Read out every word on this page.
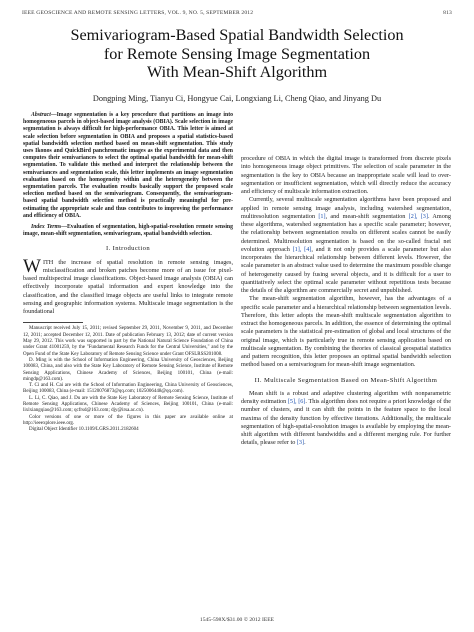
IEEE GEOSCIENCE AND REMOTE SENSING LETTERS, VOL. 9, NO. 5, SEPTEMBER 2012	813
Semivariogram-Based Spatial Bandwidth Selection
for Remote Sensing Image Segmentation
With Mean-Shift Algorithm
Dongping Ming, Tianyu Ci, Hongyue Cai, Longxiang Li, Cheng Qiao, and Jinyang Du

Abstract—Image segmentation is a key procedure that partitions an image into homogeneous parcels in object-based image analysis (OBIA). Scale selection in image segmentation is always difficult for high-performance OBIA. This letter is aimed at scale selection before segmentation in OBIA and proposes a spatial statistics-based spatial bandwidth selection method based on mean-shift segmentation. This study uses Ikonos and QuickBird panchromatic images as the experimental data and then computes their semivariances to select the optimal spatial bandwidth for mean-shift segmentation. To validate this method and interpret the relationship between the semivariances and segmentation scale, this letter implements an image segmentation evaluation based on the homogeneity within and the heterogeneity between the segmentation parcels. The evaluation results basically support the proposed scale selection method based on the semivariogram. Consequently, the semivariogram-based spatial bandwidth selection method is practically meaningful for pre-estimating the appropriate scale and thus contributes to improving the performance and efficiency of OBIA.

Index Terms—Evaluation of segmentation, high-spatial-resolution remote sensing image, mean-shift segmentation, semivariogram, spatial bandwidth selection.

I. Introduction

WITH the increase of spatial resolution in remote sensing images, misclassification and broken patches become more of an issue for pixel-based multispectral image classifications. Object-based image analysis (OBIA) can effectively incorporate spatial information and expert knowledge into the classification, and the classified image objects are useful links to integrate remote sensing and geographic information systems. Multiscale image segmentation is the foundational

Manuscript received July 15, 2011; revised September 29, 2011, November 9, 2011, and December 12, 2011; accepted December 12, 2011. Date of publication February 13, 2012; date of current version May 29, 2012. This work was supported in part by the National Natural Science Foundation of China under Grant 41001259, by the "Fundamental Research Funds for the Central Universities," and by the Open Fund of the State Key Laboratory of Remote Sensing Science under Grant OFSLRSS201008.

D. Ming is with the School of Information Engineering, China University of Geosciences, Beijing 100083, China, and also with the State Key Laboratory of Remote Sensing Science, Institute of Remote Sensing Applications, Chinese Academy of Sciences, Beijing 100101, China (e-mail: mingdp@163.com).

T. Ci and H. Cai are with the School of Information Engineering, China University of Geosciences, Beijing 100083, China (e-mail: 15120076873@qq.com; 1025006448@qq.com).

L. Li, C. Qiao, and J. Du are with the State Key Laboratory of Remote Sensing Science, Institute of Remote Sensing Applications, Chinese Academy of Sciences, Beijing 100101, China (e-mail: lixlxiangqiao@163.com; qcfrsd@163.com; djy@irsa.ac.cn).

Color versions of one or more of the figures in this paper are available online at http://ieeexplore.ieee.org.

Digital Object Identifier 10.1109/LGRS.2011.2182604

procedure of OBIA in which the digital image is transformed from discrete pixels into homogeneous image object primitives. The selection of scale parameter in the segmentation is the key to OBIA because an inappropriate scale will lead to over-segmentation or insufficient segmentation, which will directly reduce the accuracy and efficiency of multiscale information extraction.

Currently, several multiscale segmentation algorithms have been proposed and applied in remote sensing image analysis, including watershed segmentation, multiresolution segmentation [1], and mean-shift segmentation [2], [3]. Among these algorithms, watershed segmentation has a specific scale parameter; however, the relationship between segmentation results on different scales cannot be easily determined. Multiresolution segmentation is based on the so-called fractal net evolution approach [1], [4], and it not only provides a scale parameter but also incorporates the hierarchical relationship between different levels. However, the scale parameter is an abstract value used to determine the maximum possible change of heterogeneity caused by fusing several objects, and it is difficult for a user to quantitatively select the optimal scale parameter without repetitious tests because the details of the algorithm are commercially secret and unpublished.

The mean-shift segmentation algorithm, however, has the advantages of a specific scale parameter and a hierarchical relationship between segmentation levels. Therefore, this letter adopts the mean-shift multiscale segmentation algorithm to extract the homogeneous parcels. In addition, the essence of determining the optimal scale parameters is the statistical pre-estimation of global and local structures of the original image, which is particularly true in remote sensing application based on multiscale segmentation. By combining the theories of classical geospatial statistics and pattern recognition, this letter proposes an optimal spatial bandwidth selection method based on a semivariogram for mean-shift image segmentation.

II. Multiscale Segmentation Based on Mean-Shift Algorithm

Mean shift is a robust and adaptive clustering algorithm with nonparametric density estimation [5], [6]. This algorithm does not require a priori knowledge of the number of clusters, and it can shift the points in the feature space to the local maxima of the density function by effective iterations. Additionally, the multiscale segmentation of high-spatial-resolution images is available by employing the mean-shift algorithm with different bandwidths and a different merging rule. For further details, please refer to [3].

1545-598X/$31.00 © 2012 IEEE
